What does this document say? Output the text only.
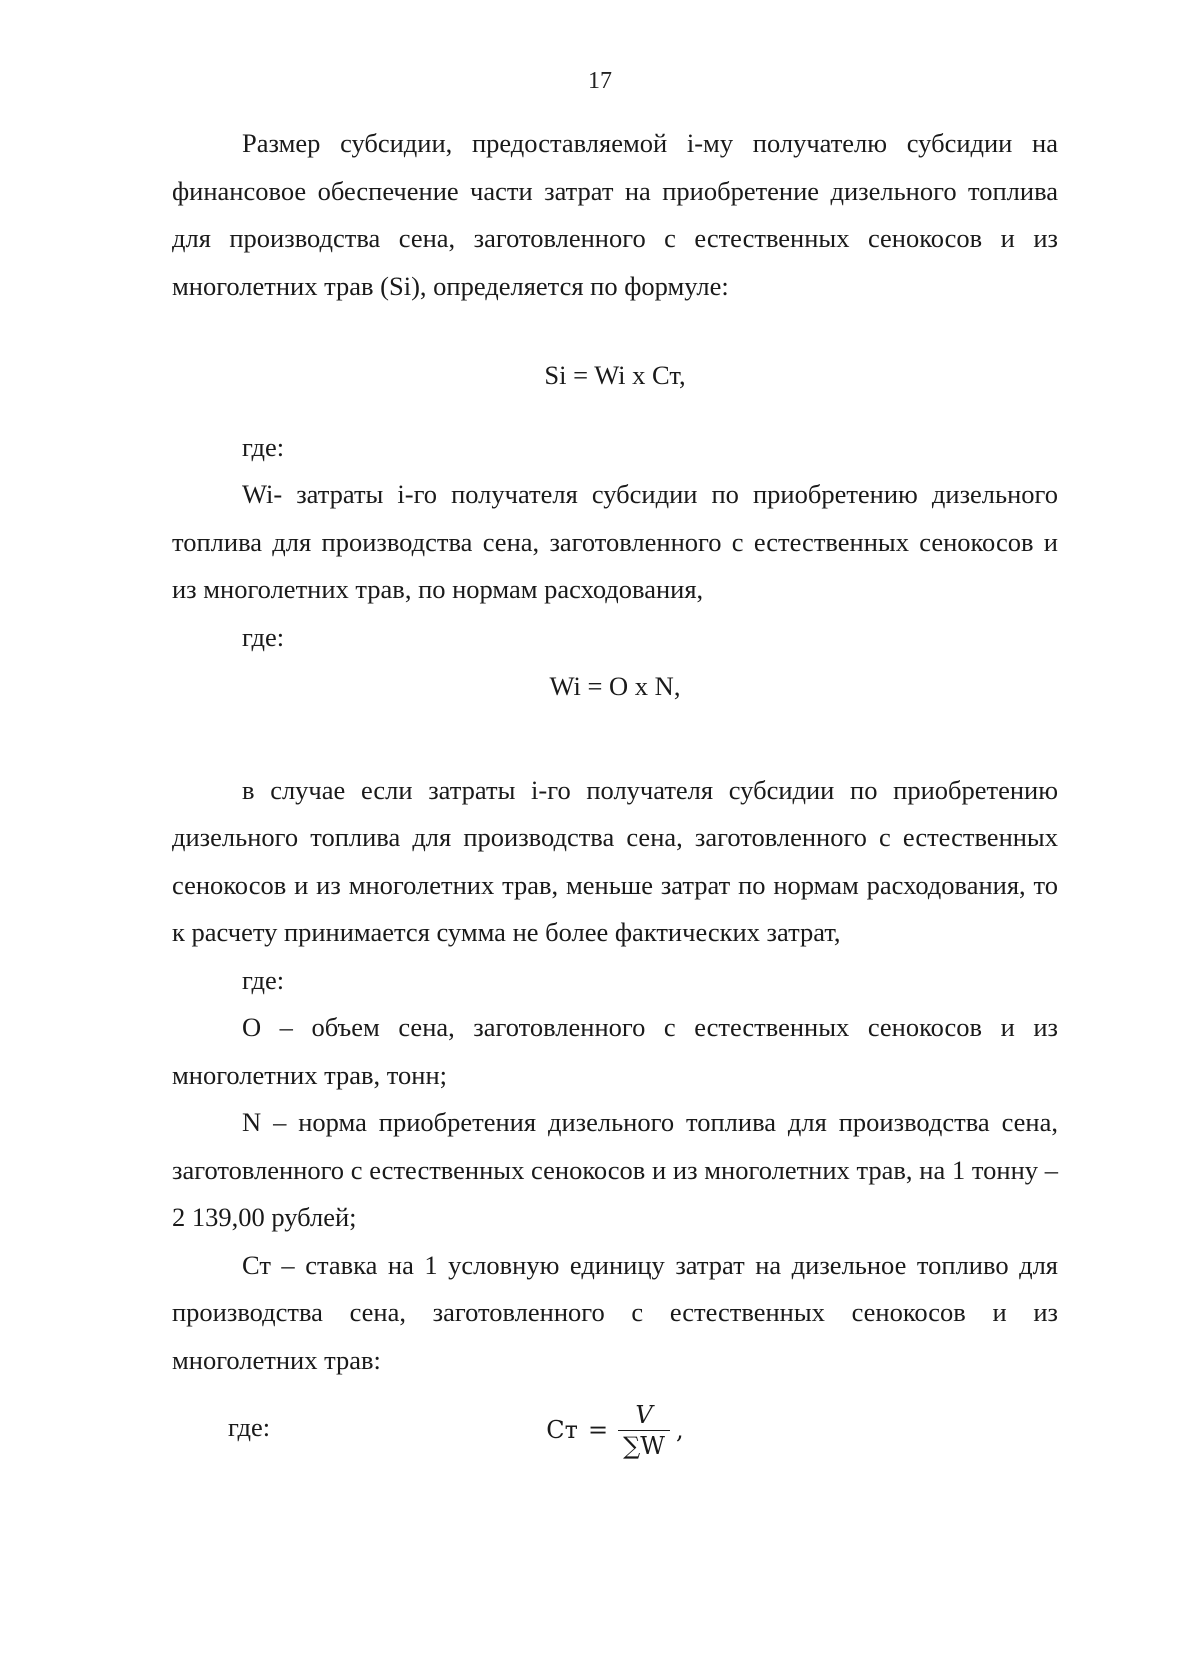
17

Размер субсидии, предоставляемой i-му получателю субсидии на финансовое обеспечение части затрат на приобретение дизельного топлива для производства сена, заготовленного с естественных сенокосов и из многолетних трав (Si), определяется по формуле:

Si = Wi x Ст,
где:

Wi- затраты i-го получателя субсидии по приобретению дизельного топлива для производства сена, заготовленного с естественных сенокосов и из многолетних трав, по нормам расходования,

где:
Wi = O x N,

в случае если затраты i-го получателя субсидии по приобретению дизельного топлива для производства сена, заготовленного с естественных сенокосов и из многолетних трав, меньше затрат по нормам расходования, то к расчету принимается сумма не более фактических затрат,

где:

O – объем сена, заготовленного с естественных сенокосов и из многолетних трав, тонн;

N – норма приобретения дизельного топлива для производства сена, заготовленного с естественных сенокосов и из многолетних трав, на 1 тонну – 2 139,00 рублей;

Ст – ставка на 1 условную единицу затрат на дизельное топливо для производства сена, заготовленного с естественных сенокосов и из многолетних трав:

Ст = $\frac{V}{\sum W}$ ,
где:
